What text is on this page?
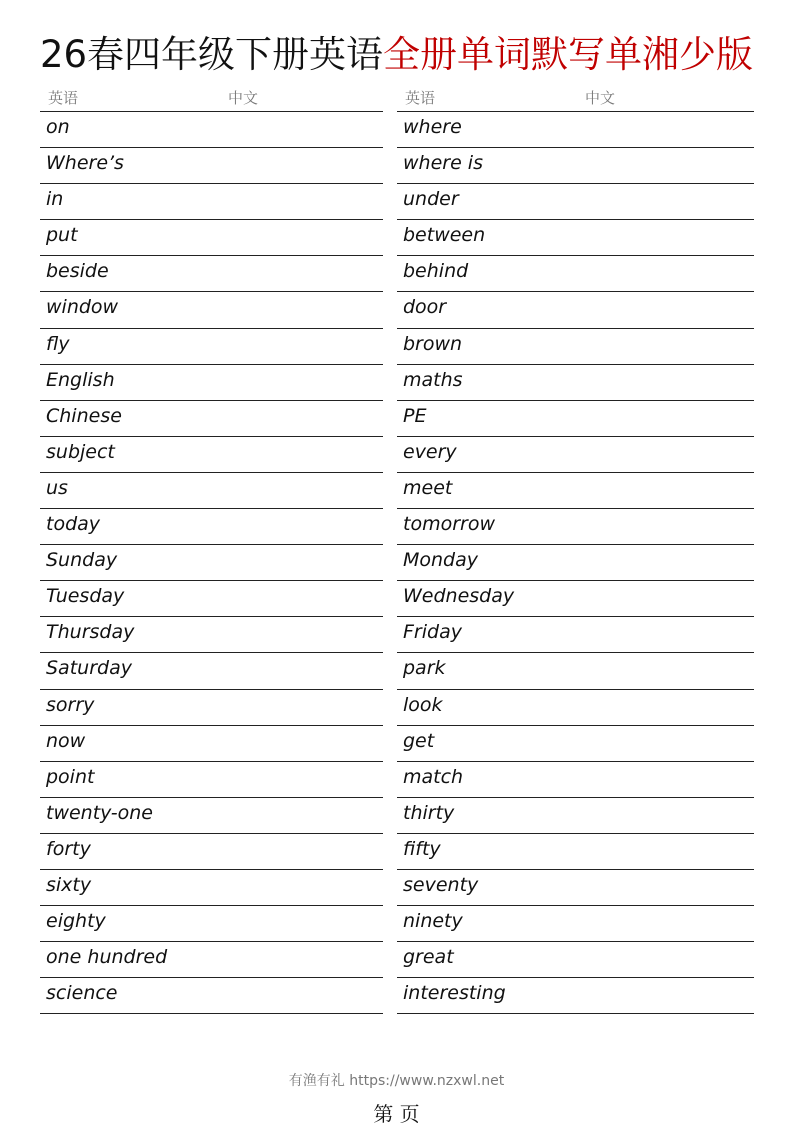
26春四年级下册英语全册单词默写单湘少版
英语	中文
on
Where’s
in
put
beside
window
fly
English
Chinese
subject
us
today
Sunday
Tuesday
Thursday
Saturday
sorry
now
point
twenty-one
forty
sixty
eighty
one hundred
science
英语	中文
where
where is
under
between
behind
door
brown
maths
PE
every
meet
tomorrow
Monday
Wednesday
Friday
park
look
get
match
thirty
fifty
seventy
ninety
great
interesting
有渔有礼 https://www.nzxwl.net
第 页
